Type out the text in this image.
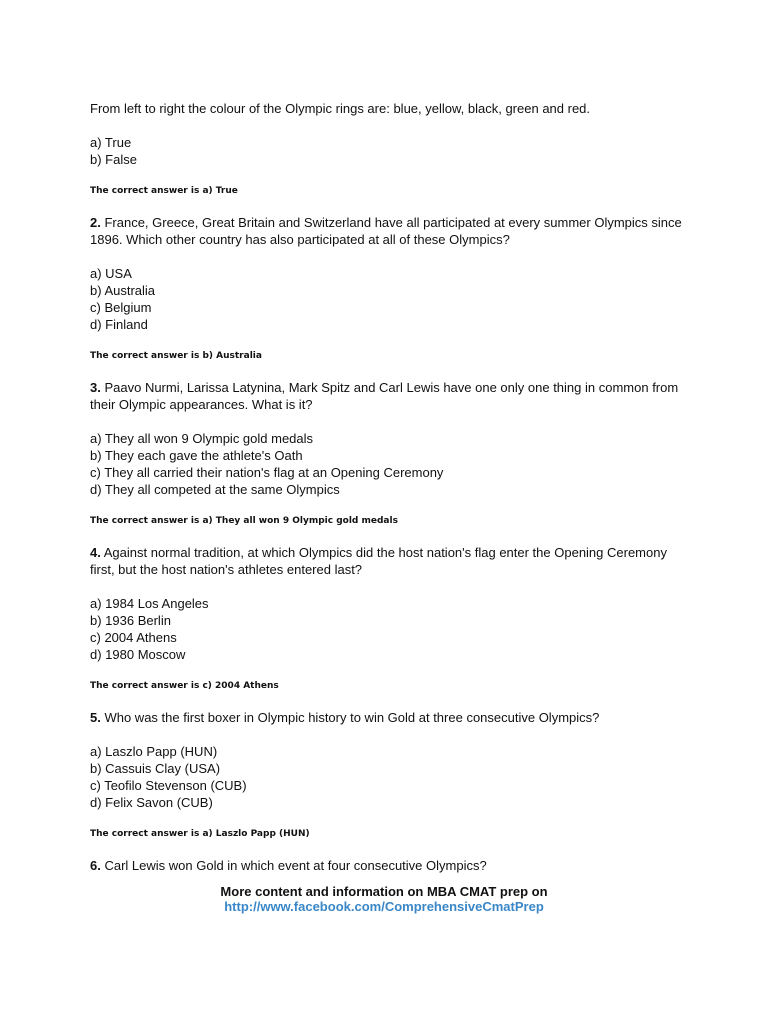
From left to right the colour of the Olympic rings are: blue, yellow, black, green and red.

a) True
b) False
The correct answer is a) True

2. France, Greece, Great Britain and Switzerland have all participated at every summer Olympics since 1896. Which other country has also participated at all of these Olympics?

a) USA
b) Australia
c) Belgium
d) Finland
The correct answer is b) Australia

3. Paavo Nurmi, Larissa Latynina, Mark Spitz and Carl Lewis have one only one thing in common from their Olympic appearances. What is it?

a) They all won 9 Olympic gold medals
b) They each gave the athlete's Oath
c) They all carried their nation's flag at an Opening Ceremony
d) They all competed at the same Olympics
The correct answer is a) They all won 9 Olympic gold medals

4. Against normal tradition, at which Olympics did the host nation's flag enter the Opening Ceremony first, but the host nation's athletes entered last?

a) 1984 Los Angeles
b) 1936 Berlin
c) 2004 Athens
d) 1980 Moscow
The correct answer is c) 2004 Athens

5. Who was the first boxer in Olympic history to win Gold at three consecutive Olympics?

a) Laszlo Papp (HUN)
b) Cassuis Clay (USA)
c) Teofilo Stevenson (CUB)
d) Felix Savon (CUB)
The correct answer is a) Laszlo Papp (HUN)

6. Carl Lewis won Gold in which event at four consecutive Olympics?

More content and information on MBA CMAT prep on
http://www.facebook.com/ComprehensiveCmatPrep
